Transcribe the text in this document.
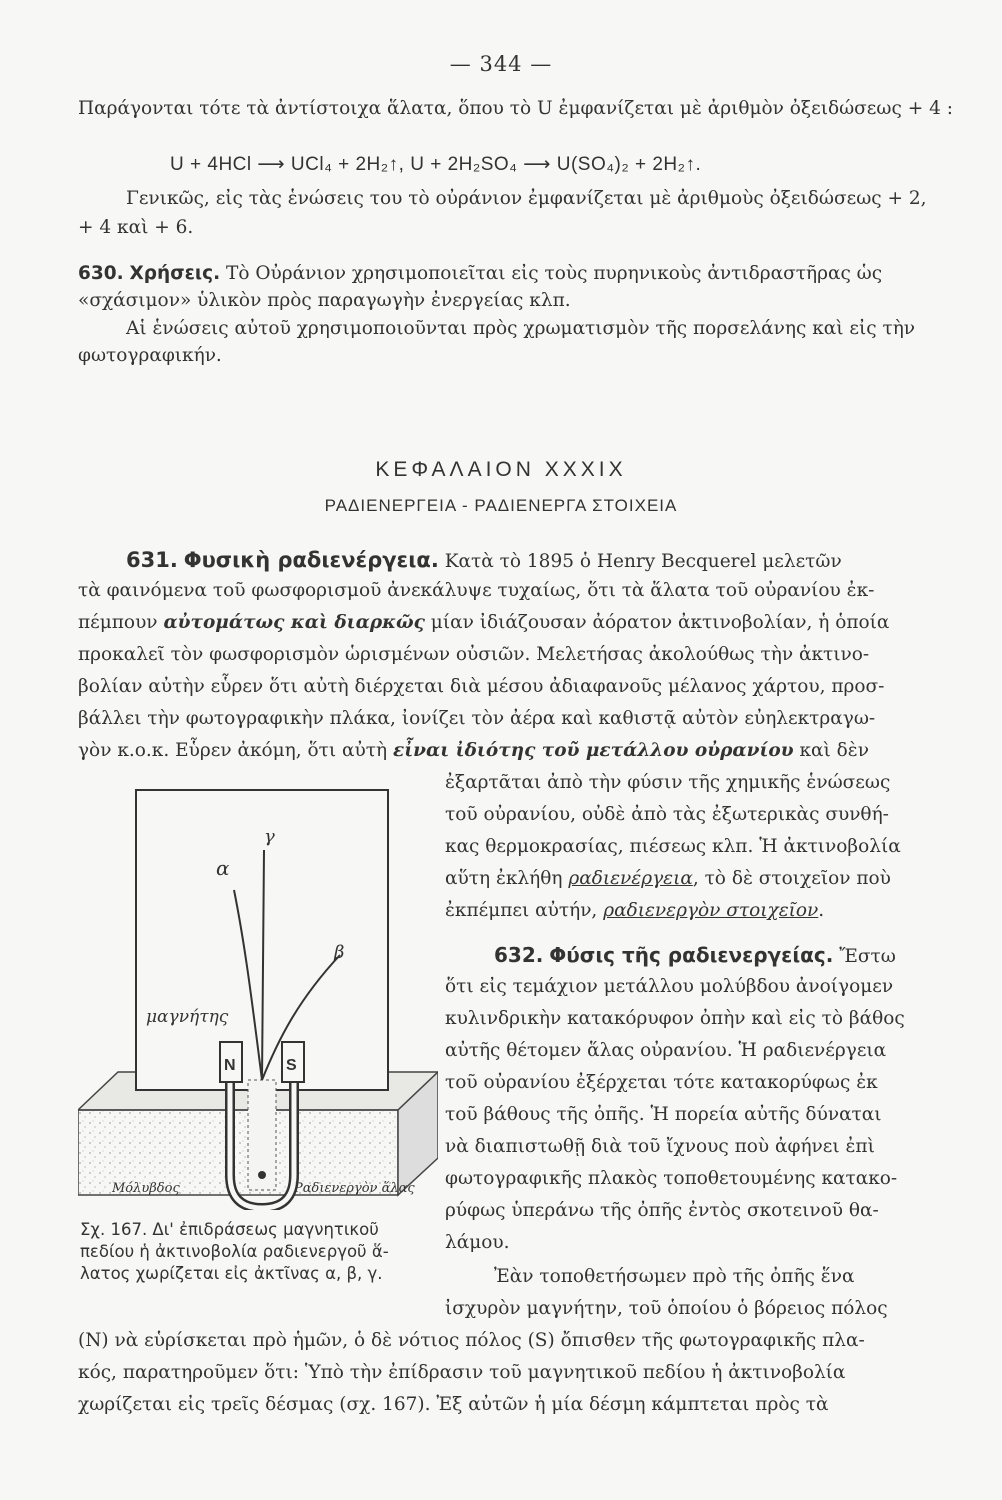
— 344 —
Παράγονται τότε τὰ ἀντίστοιχα ἅλατα, ὅπου τὸ U ἐμφανίζεται μὲ ἀριθμὸν ὀξειδώσεως + 4 :
U + 4HCl ⟶ UCl₄ + 2H₂↑, U + 2H₂SO₄ ⟶ U(SO₄)₂ + 2H₂↑.
Γενικῶς, εἰς τὰς ἑνώσεις του τὸ οὐράνιον ἐμφανίζεται μὲ ἀριθμοὺς ὀξειδώσεως + 2,
+ 4 καὶ + 6.
630. Χρήσεις. Τὸ Οὐράνιον χρησιμοποιεῖται εἰς τοὺς πυρηνικοὺς ἀντιδραστῆρας ὡς
«σχάσιμον» ὑλικὸν πρὸς παραγωγὴν ἐνεργείας κλπ.
Αἱ ἑνώσεις αὐτοῦ χρησιμοποιοῦνται πρὸς χρωματισμὸν τῆς πορσελάνης καὶ εἰς τὴν
φωτογραφικήν.
ΚΕΦΑΛΑΙΟΝ XXXIX
ΡΑΔΙΕΝΕΡΓΕΙΑ - ΡΑΔΙΕΝΕΡΓΑ ΣΤΟΙΧΕΙΑ
631. Φυσικὴ ραδιενέργεια. Κατὰ τὸ 1895 ὁ Henry Becquerel μελετῶν
τὰ φαινόμενα τοῦ φωσφορισμοῦ ἀνεκάλυψε τυχαίως, ὅτι τὰ ἅλατα τοῦ οὐρανίου ἐκ-
πέμπουν αὐτομάτως καὶ διαρκῶς μίαν ἰδιάζουσαν ἀόρατον ἀκτινοβολίαν, ἡ ὁποία
προκαλεῖ τὸν φωσφορισμὸν ὡρισμένων οὐσιῶν. Μελετήσας ἀκολούθως τὴν ἀκτινο-
βολίαν αὐτὴν εὗρεν ὅτι αὐτὴ διέρχεται διὰ μέσου ἀδιαφανοῦς μέλανος χάρτου, προσ-
βάλλει τὴν φωτογραφικὴν πλάκα, ἰονίζει τὸν ἀέρα καὶ καθιστᾷ αὐτὸν εὐηλεκτραγω-
γὸν κ.ο.κ. Εὗρεν ἀκόμη, ὅτι αὐτὴ εἶναι ἰδιότης τοῦ μετάλλου οὐρανίου καὶ δὲν
ἐξαρτᾶται ἀπὸ τὴν φύσιν τῆς χημικῆς ἑνώσεως
τοῦ οὐρανίου, οὐδὲ ἀπὸ τὰς ἐξωτερικὰς συνθή-
κας θερμοκρασίας, πιέσεως κλπ. Ἡ ἀκτινοβολία
αὕτη ἐκλήθη ραδιενέργεια, τὸ δὲ στοιχεῖον ποὺ
ἐκπέμπει αὐτήν, ραδιενεργὸν στοιχεῖον.
632. Φύσις τῆς ραδιενεργείας. Ἔστω
ὅτι εἰς τεμάχιον μετάλλου μολύβδου ἀνοίγομεν
κυλινδρικὴν κατακόρυφον ὀπὴν καὶ εἰς τὸ βάθος
αὐτῆς θέτομεν ἅλας οὐρανίου. Ἡ ραδιενέργεια
τοῦ οὐρανίου ἐξέρχεται τότε κατακορύφως ἐκ
τοῦ βάθους τῆς ὀπῆς. Ἡ πορεία αὐτῆς δύναται
νὰ διαπιστωθῇ διὰ τοῦ ἴχνους ποὺ ἀφήνει ἐπὶ
φωτογραφικῆς πλακὸς τοποθετουμένης κατακο-
ρύφως ὑπεράνω τῆς ὀπῆς ἐντὸς σκοτεινοῦ θα-
λάμου.
Ἐὰν τοποθετήσωμεν πρὸ τῆς ὀπῆς ἕνα
ἰσχυρὸν μαγνήτην, τοῦ ὁποίου ὁ βόρειος πόλος
(N) νὰ εὑρίσκεται πρὸ ἡμῶν, ὁ δὲ νότιος πόλος (S) ὄπισθεν τῆς φωτογραφικῆς πλα-
κός, παρατηροῦμεν ὅτι: Ὑπὸ τὴν ἐπίδρασιν τοῦ μαγνητικοῦ πεδίου ἡ ἀκτινοβολία
χωρίζεται εἰς τρεῖς δέσμας (σχ. 167). Ἐξ αὐτῶν ἡ μία δέσμη κάμπτεται πρὸς τὰ
α
γ
β
μαγνήτης
N	S
Μόλυβδος	Ραδιενεργὸν ἅλας
Σχ. 167. Δι' ἐπιδράσεως μαγνητικοῦ
πεδίου ἡ ἀκτινοβολία ραδιενεργοῦ ἅ-
λατος χωρίζεται εἰς ἀκτῖνας α, β, γ.
